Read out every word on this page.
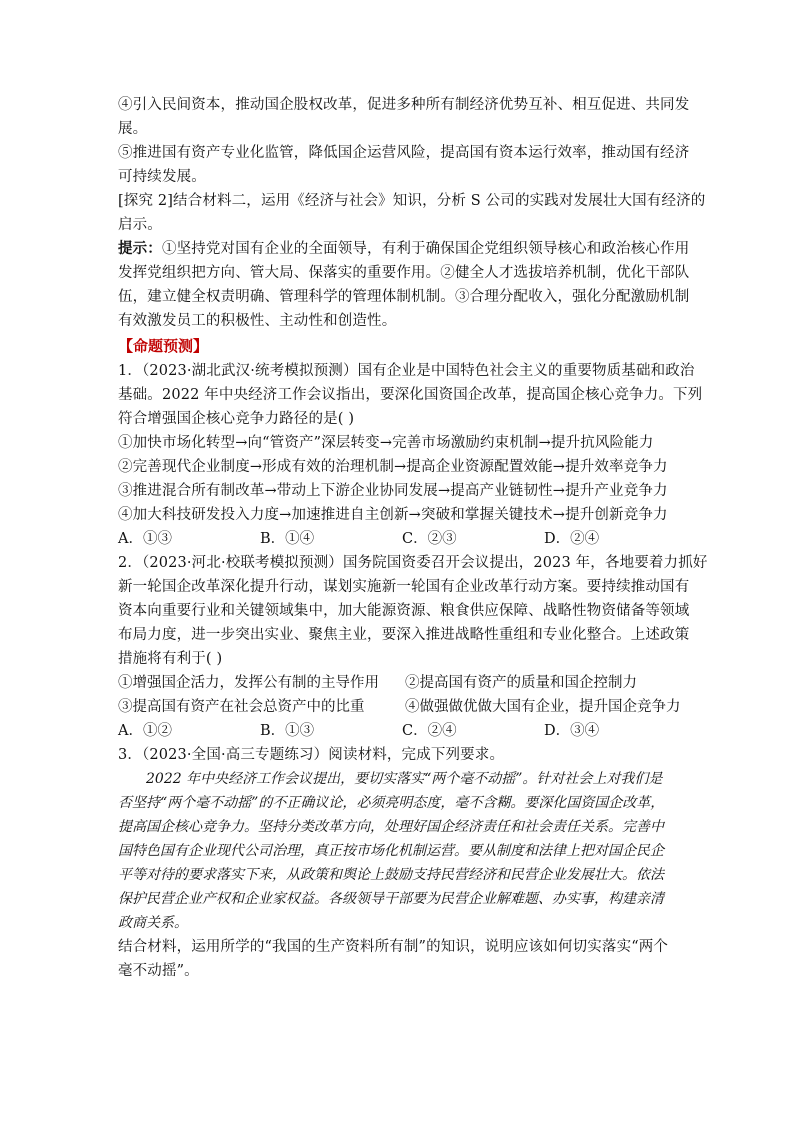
④引入民间资本，推动国企股权改革，促进多种所有制经济优势互补、相互促进、共同发

展。

⑤推进国有资产专业化监管，降低国企运营风险，提高国有资本运行效率，推动国有经济

可持续发展。

[探究 2]结合材料二，运用《经济与社会》知识，分析 S 公司的实践对发展壮大国有经济的

启示。

提示：①坚持党对国有企业的全面领导，有利于确保国企党组织领导核心和政治核心作用

发挥党组织把方向、管大局、保落实的重要作用。②健全人才选拔培养机制，优化干部队

伍，建立健全权责明确、管理科学的管理体制机制。③合理分配收入，强化分配激励机制

有效激发员工的积极性、主动性和创造性。

【命题预测】

1．（2023·湖北武汉·统考模拟预测）国有企业是中国特色社会主义的重要物质基础和政治

基础。2022 年中央经济工作会议指出，要深化国资国企改革，提高国企核心竞争力。下列

符合增强国企核心竞争力路径的是( )

①加快市场化转型→向“管资产”深层转变→完善市场激励约束机制→提升抗风险能力

②完善现代企业制度→形成有效的治理机制→提高企业资源配置效能→提升效率竞争力

③推进混合所有制改革→带动上下游企业协同发展→提高产业链韧性→提升产业竞争力

④加大科技研发投入力度→加速推进自主创新→突破和掌握关键技术→提升创新竞争力

A．①③	B．①④	C．②③	D．②④

2．（2023·河北·校联考模拟预测）国务院国资委召开会议提出，2023 年，各地要着力抓好

新一轮国企改革深化提升行动，谋划实施新一轮国有企业改革行动方案。要持续推动国有

资本向重要行业和关键领域集中，加大能源资源、粮食供应保障、战略性物资储备等领域

布局力度，进一步突出实业、聚焦主业，要深入推进战略性重组和专业化整合。上述政策

措施将有利于( )

①增强国企活力，发挥公有制的主导作用	②提高国有资产的质量和国企控制力
③提高国有资产在社会总资产中的比重	④做强做优做大国有企业，提升国企竞争力
A．①②	B．①③	C．②④	D．③④

3．（2023·全国·高三专题练习）阅读材料，完成下列要求。

2022 年中央经济工作会议提出，要切实落实“两个毫不动摇”。针对社会上对我们是

否坚持“两个毫不动摇”的不正确议论，必须亮明态度，毫不含糊。要深化国资国企改革，

提高国企核心竞争力。坚持分类改革方向，处理好国企经济责任和社会责任关系。完善中

国特色国有企业现代公司治理，真正按市场化机制运营。要从制度和法律上把对国企民企

平等对待的要求落实下来，从政策和舆论上鼓励支持民营经济和民营企业发展壮大。依法

保护民营企业产权和企业家权益。各级领导干部要为民营企业解难题、办实事，构建亲清

政商关系。

结合材料，运用所学的“我国的生产资料所有制”的知识，说明应该如何切实落实“两个

毫不动摇”。
